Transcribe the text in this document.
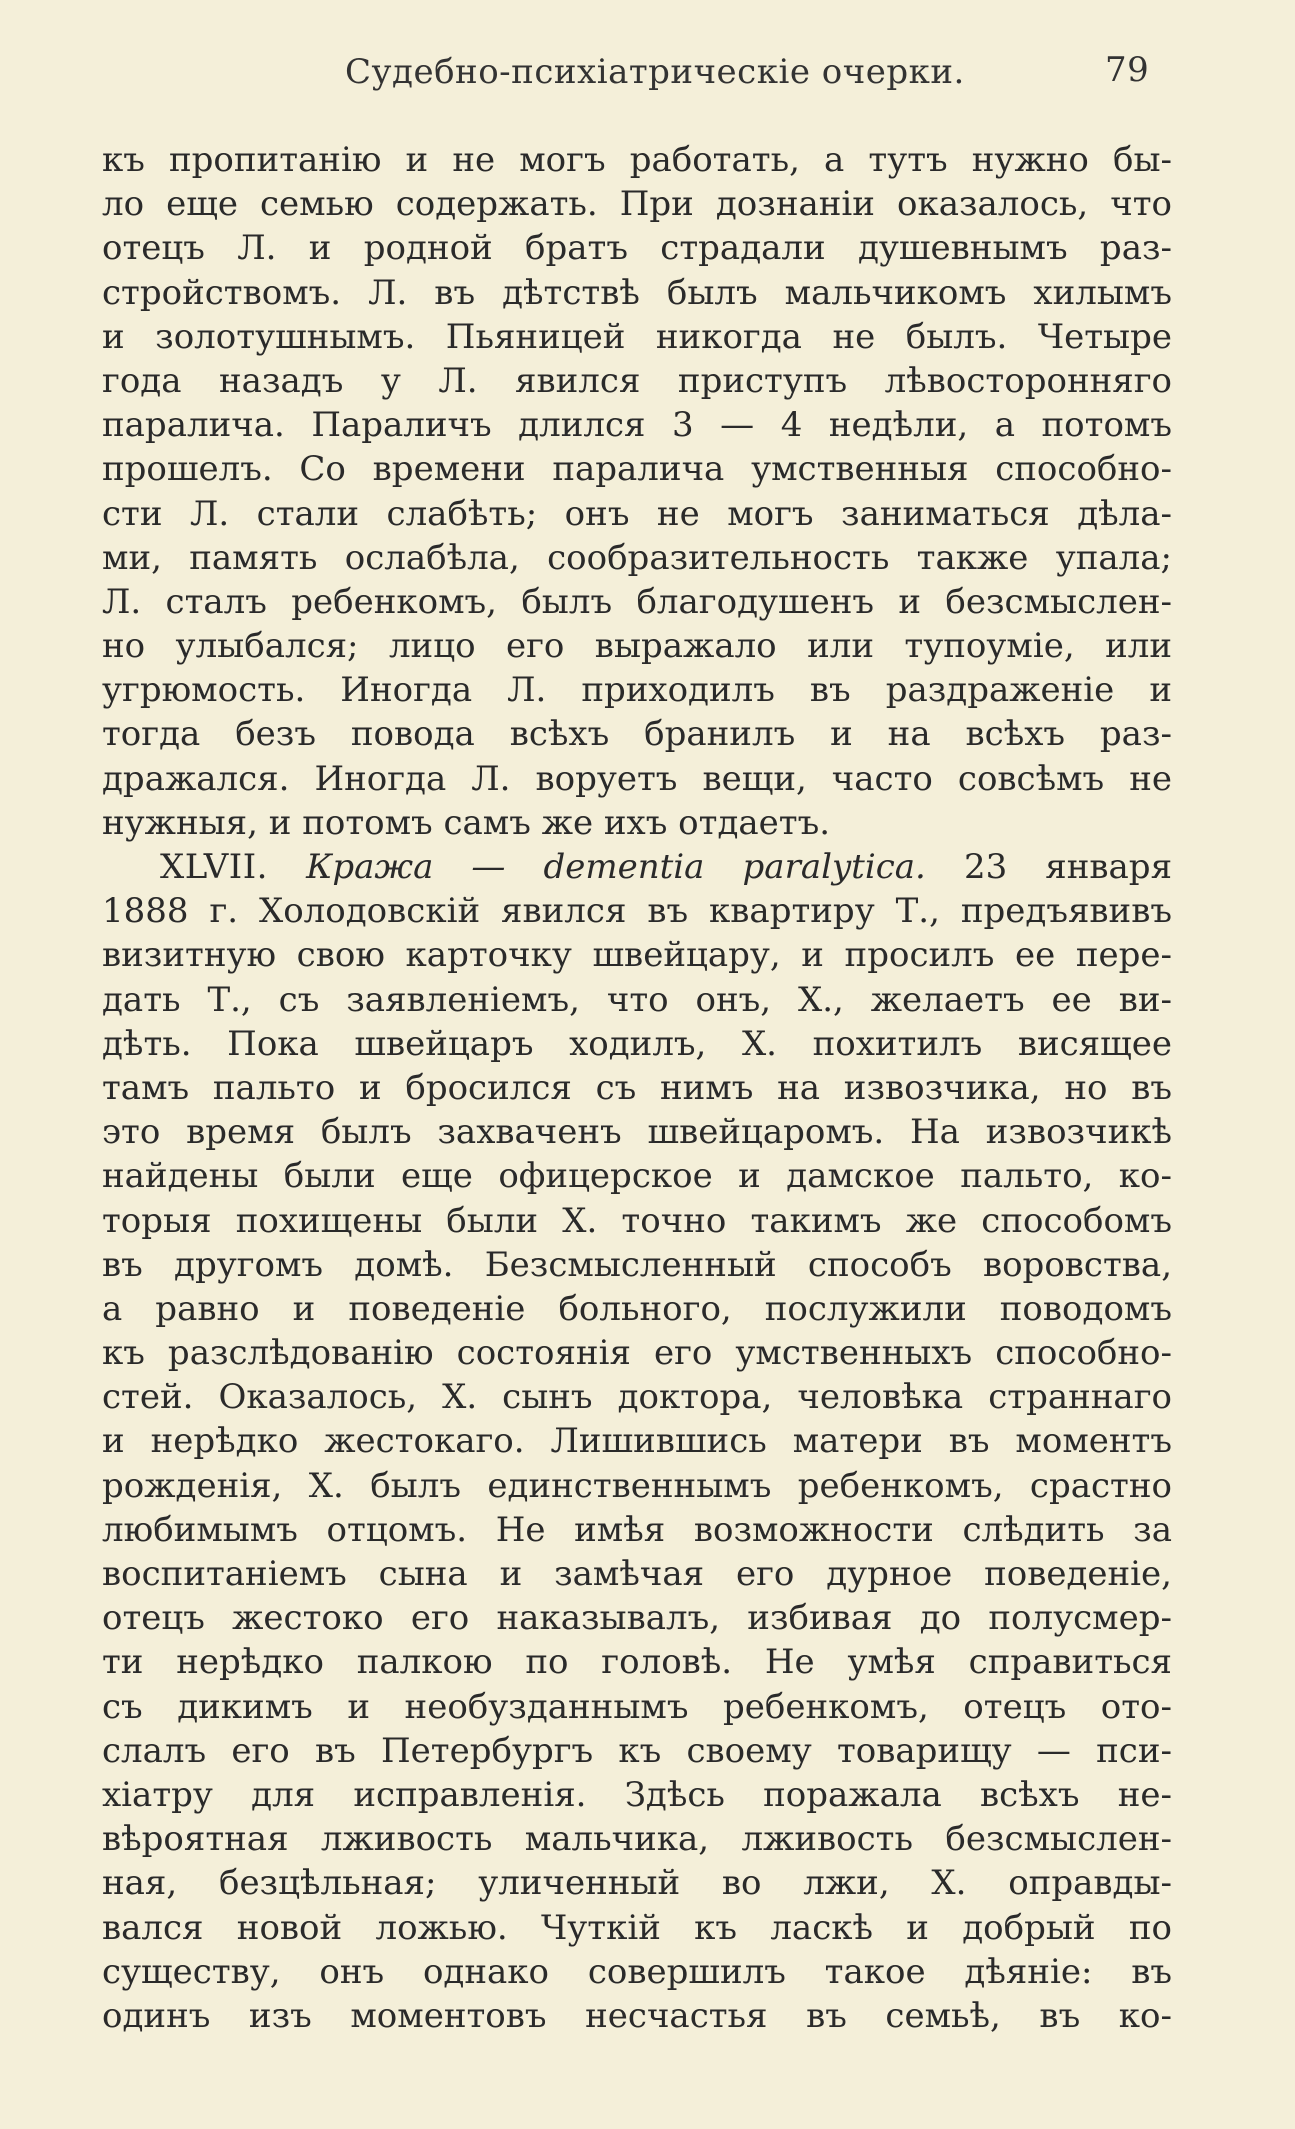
Судебно-психіатрическіе очерки.	79
къ пропитанію и не могъ работать, а тутъ нужно бы-
ло еще семью содержать. При дознаніи оказалось, что
отецъ Л. и родной братъ страдали душевнымъ раз-
стройствомъ. Л. въ дѣтствѣ былъ мальчикомъ хилымъ
и золотушнымъ. Пьяницей никогда не былъ. Четыре
года назадъ у Л. явился приступъ лѣвосторонняго
паралича. Параличъ длился 3 — 4 недѣли, а потомъ
прошелъ. Со времени паралича умственныя способно-
сти Л. стали слабѣть; онъ не могъ заниматься дѣла-
ми, память ослабѣла, сообразительность также упала;
Л. сталъ ребенкомъ, былъ благодушенъ и безсмыслен-
но улыбался; лицо его выражало или тупоуміе, или
угрюмость. Иногда Л. приходилъ въ раздраженіе и
тогда безъ повода всѣхъ бранилъ и на всѣхъ раз-
дражался. Иногда Л. воруетъ вещи, часто совсѣмъ не
нужныя, и потомъ самъ же ихъ отдаетъ.
XLVII. Кража — dementia paralytica. 23 января
1888 г. Холодовскій явился въ квартиру Т., предъявивъ
визитную свою карточку швейцару, и просилъ ее пере-
дать Т., съ заявленіемъ, что онъ, Х., желаетъ ее ви-
дѣть. Пока швейцаръ ходилъ, Х. похитилъ висящее
тамъ пальто и бросился съ нимъ на извозчика, но въ
это время былъ захваченъ швейцаромъ. На извозчикѣ
найдены были еще офицерское и дамское пальто, ко-
торыя похищены были Х. точно такимъ же способомъ
въ другомъ домѣ. Безсмысленный способъ воровства,
а равно и поведеніе больного, послужили поводомъ
къ разслѣдованію состоянія его умственныхъ способно-
стей. Оказалось, Х. сынъ доктора, человѣка страннаго
и нерѣдко жестокаго. Лишившись матери въ моментъ
рожденія, Х. былъ единственнымъ ребенкомъ, срастно
любимымъ отцомъ. Не имѣя возможности слѣдить за
воспитаніемъ сына и замѣчая его дурное поведеніе,
отецъ жестоко его наказывалъ, избивая до полусмер-
ти нерѣдко палкою по головѣ. Не умѣя справиться
съ дикимъ и необузданнымъ ребенкомъ, отецъ ото-
слалъ его въ Петербургъ къ своему товарищу — пси-
хіатру для исправленія. Здѣсь поражала всѣхъ не-
вѣроятная лживость мальчика, лживость безсмыслен-
ная, безцѣльная; уличенный во лжи, Х. оправды-
вался новой ложью. Чуткій къ ласкѣ и добрый по
существу, онъ однако совершилъ такое дѣяніе: въ
одинъ изъ моментовъ несчастья въ семьѣ, въ ко-
